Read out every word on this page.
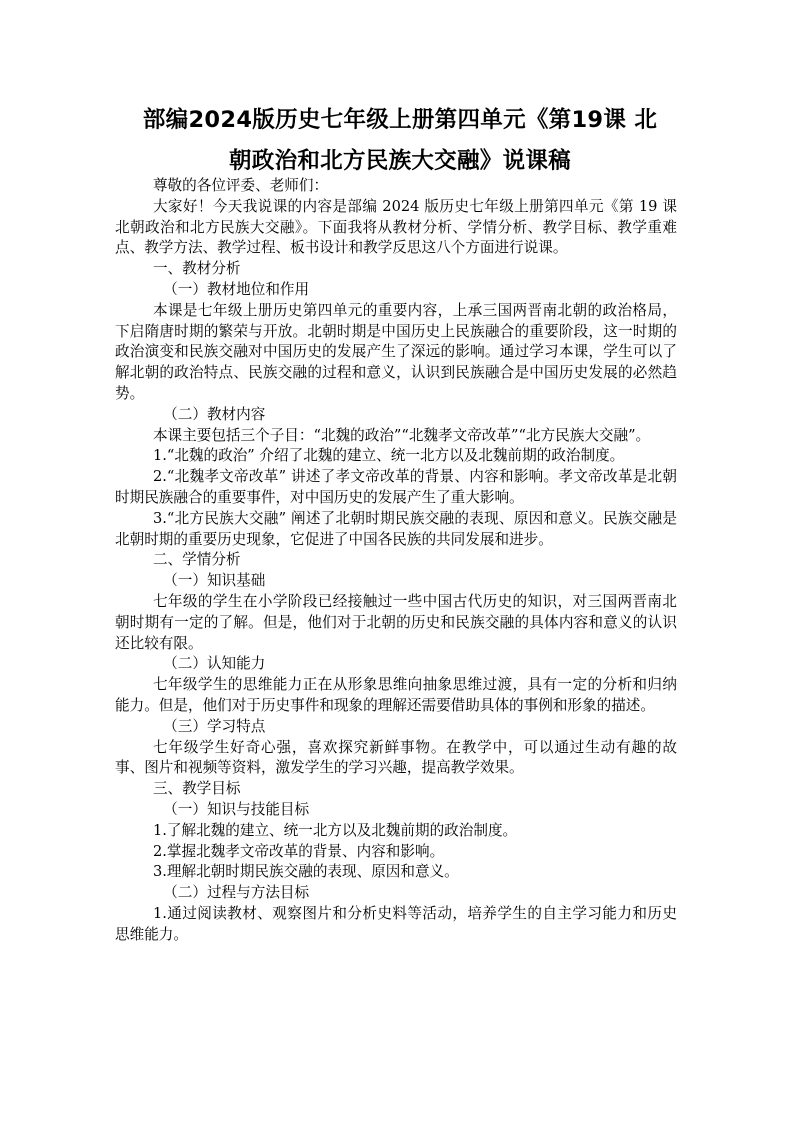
部编2024版历史七年级上册第四单元《第19课 北
朝政治和北方民族大交融》说课稿

尊敬的各位评委、老师们：

大家好！今天我说课的内容是部编 2024 版历史七年级上册第四单元《第 19 课 北朝政治和北方民族大交融》。下面我将从教材分析、学情分析、教学目标、教学重难点、教学方法、教学过程、板书设计和教学反思这八个方面进行说课。

一、教材分析

（一）教材地位和作用

本课是七年级上册历史第四单元的重要内容，上承三国两晋南北朝的政治格局，下启隋唐时期的繁荣与开放。北朝时期是中国历史上民族融合的重要阶段，这一时期的政治演变和民族交融对中国历史的发展产生了深远的影响。通过学习本课，学生可以了解北朝的政治特点、民族交融的过程和意义，认识到民族融合是中国历史发展的必然趋势。

（二）教材内容

本课主要包括三个子目：“北魏的政治”“北魏孝文帝改革”“北方民族大交融”。

1.“北魏的政治” 介绍了北魏的建立、统一北方以及北魏前期的政治制度。

2.“北魏孝文帝改革” 讲述了孝文帝改革的背景、内容和影响。孝文帝改革是北朝时期民族融合的重要事件，对中国历史的发展产生了重大影响。

3.“北方民族大交融” 阐述了北朝时期民族交融的表现、原因和意义。民族交融是北朝时期的重要历史现象，它促进了中国各民族的共同发展和进步。

二、学情分析

（一）知识基础

七年级的学生在小学阶段已经接触过一些中国古代历史的知识，对三国两晋南北朝时期有一定的了解。但是，他们对于北朝的历史和民族交融的具体内容和意义的认识还比较有限。

（二）认知能力

七年级学生的思维能力正在从形象思维向抽象思维过渡，具有一定的分析和归纳能力。但是，他们对于历史事件和现象的理解还需要借助具体的事例和形象的描述。

（三）学习特点

七年级学生好奇心强，喜欢探究新鲜事物。在教学中，可以通过生动有趣的故事、图片和视频等资料，激发学生的学习兴趣，提高教学效果。

三、教学目标

（一）知识与技能目标

1.了解北魏的建立、统一北方以及北魏前期的政治制度。

2.掌握北魏孝文帝改革的背景、内容和影响。

3.理解北朝时期民族交融的表现、原因和意义。

（二）过程与方法目标

1.通过阅读教材、观察图片和分析史料等活动，培养学生的自主学习能力和历史思维能力。
